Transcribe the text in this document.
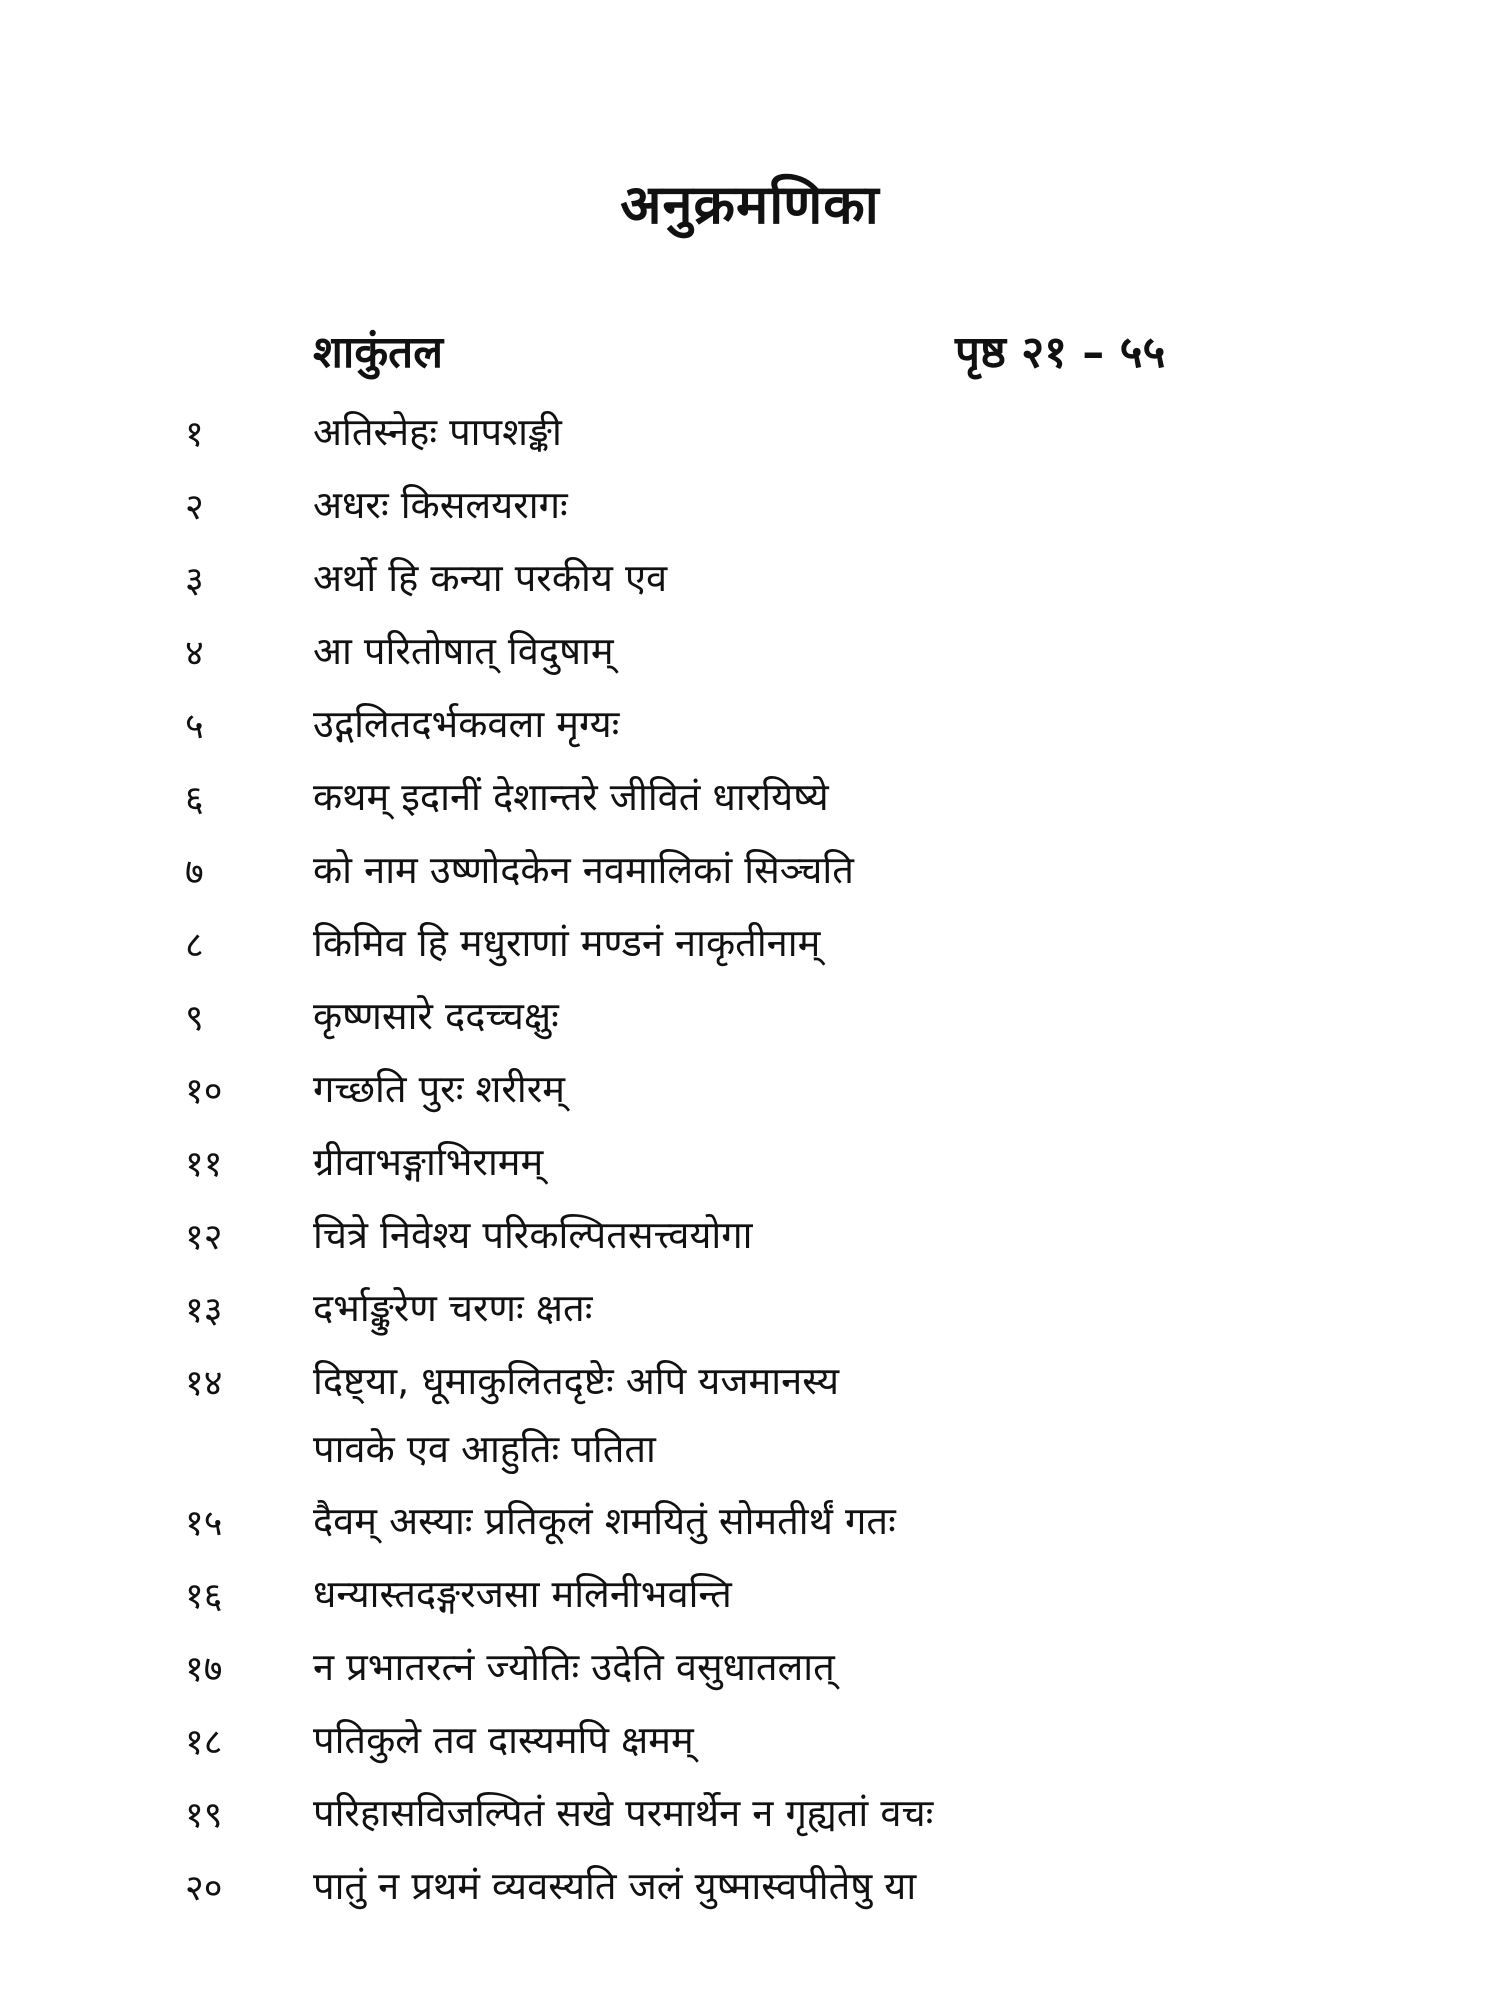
अनुक्रमणिका
शाकुंतल	पृष्ठ २१ – ५५
१	अतिस्नेहः पापशङ्की
२	अधरः किसलयरागः
३	अर्थो हि कन्या परकीय एव
४	आ परितोषात् विदुषाम्
५	उद्गलितदर्भकवला मृग्यः
६	कथम् इदानीं देशान्तरे जीवितं धारयिष्ये
७	को नाम उष्णोदकेन नवमालिकां सिञ्चति
८	किमिव हि मधुराणां मण्डनं नाकृतीनाम्
९	कृष्णसारे ददच्चक्षुः
१० गच्छति पुरः शरीरम्
११ ग्रीवाभङ्गाभिरामम्
१२ चित्रे निवेश्य परिकल्पितसत्त्वयोगा
१३ दर्भाङ्कुरेण चरणः क्षतः
१४ दिष्ट्या, धूमाकुलितदृष्टेः अपि यजमानस्य
पावके एव आहुतिः पतिता
१५ दैवम् अस्याः प्रतिकूलं शमयितुं सोमतीर्थं गतः
१६ धन्यास्तदङ्गरजसा मलिनीभवन्ति
१७ न प्रभातरत्नं ज्योतिः उदेति वसुधातलात्
१८ पतिकुले तव दास्यमपि क्षमम्
१९ परिहासविजल्पितं सखे परमार्थेन न गृह्यतां वचः
२० पातुं न प्रथमं व्यवस्यति जलं युष्मास्वपीतेषु या
